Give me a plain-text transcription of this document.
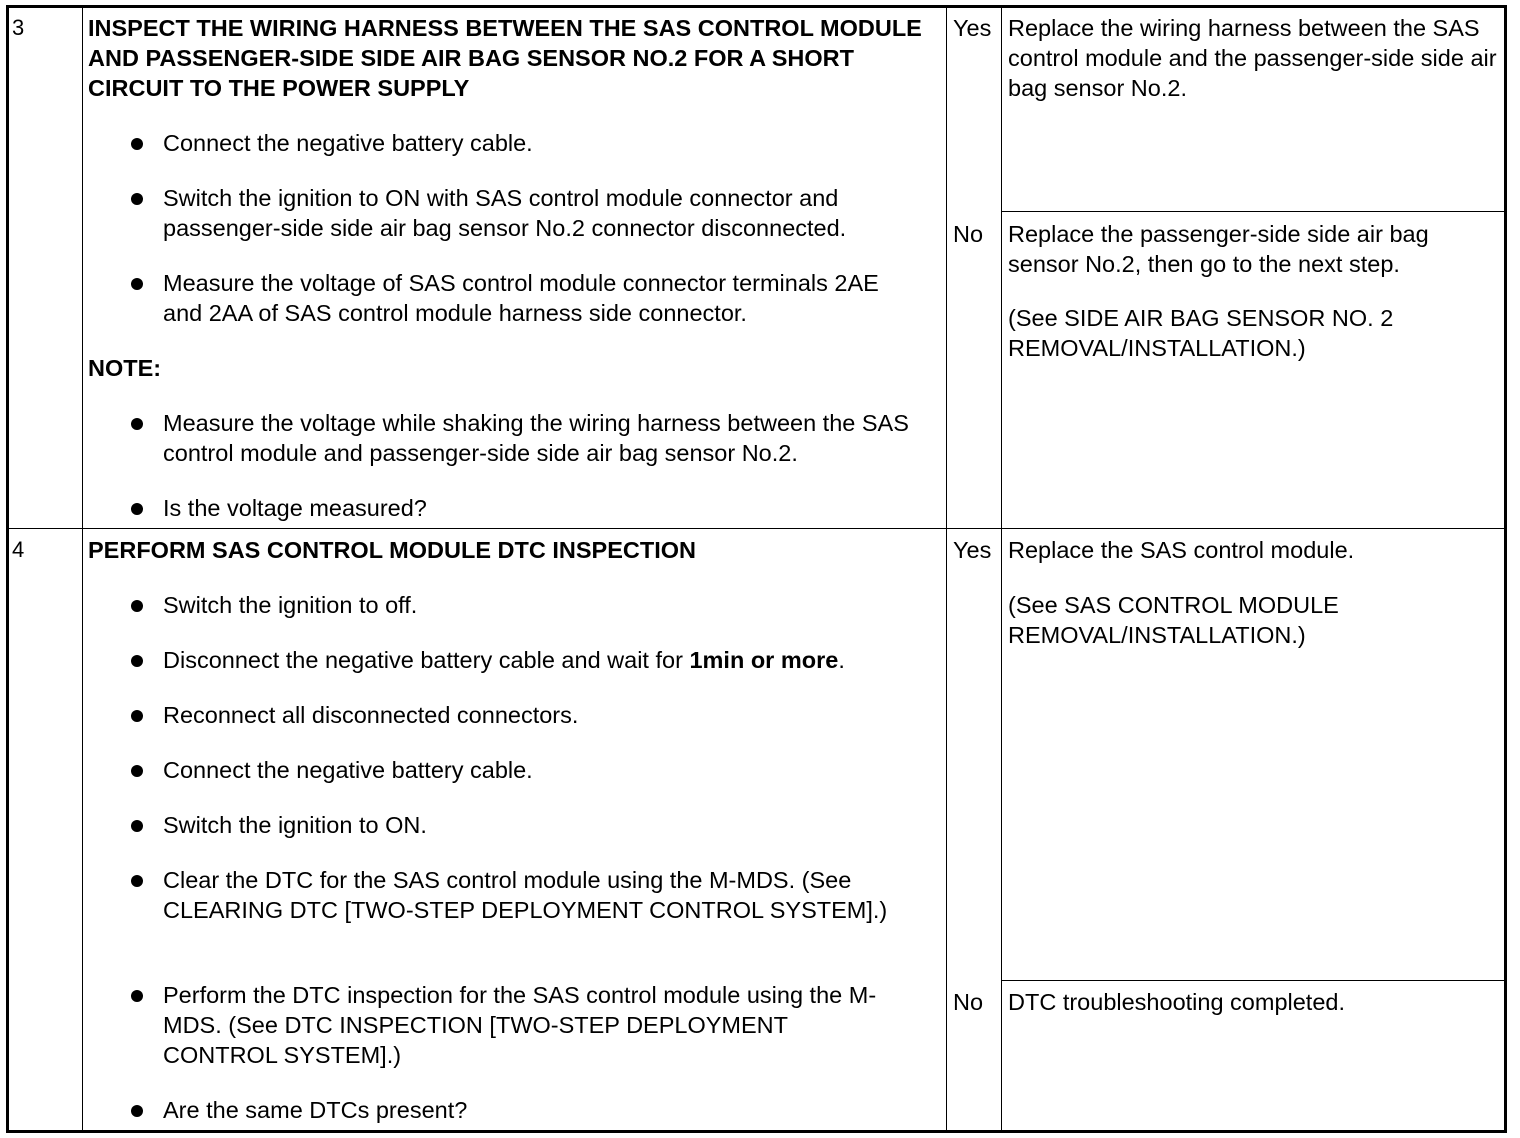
3	INSPECT THE WIRING HARNESS BETWEEN THE SAS CONTROL MODULE AND PASSENGER-SIDE SIDE AIR BAG SENSOR NO.2 FOR A SHORT CIRCUIT TO THE POWER SUPPLY
Connect the negative battery cable.
Switch the ignition to ON with SAS control module connector and passenger-side side air bag sensor No.2 connector disconnected.
Measure the voltage of SAS control module connector terminals 2AE and 2AA of SAS control module harness side connector.
NOTE:
Measure the voltage while shaking the wiring harness between the SAS control module and passenger-side side air bag sensor No.2.
Is the voltage measured?
Yes Replace the wiring harness between the SAS control module and the passenger-side side air bag sensor No.2.
No Replace the passenger-side side air bag sensor No.2, then go to the next step.
(See SIDE AIR BAG SENSOR NO. 2 REMOVAL/INSTALLATION.)
4	PERFORM SAS CONTROL MODULE DTC INSPECTION
Switch the ignition to off.
Disconnect the negative battery cable and wait for 1min or more.
Reconnect all disconnected connectors.
Connect the negative battery cable.
Switch the ignition to ON.
Clear the DTC for the SAS control module using the M-MDS. (See CLEARING DTC [TWO-STEP DEPLOYMENT CONTROL SYSTEM].)
Perform the DTC inspection for the SAS control module using the M-MDS. (See DTC INSPECTION [TWO-STEP DEPLOYMENT CONTROL SYSTEM].)
Are the same DTCs present?
Yes Replace the SAS control module.
(See SAS CONTROL MODULE REMOVAL/INSTALLATION.)
No DTC troubleshooting completed.
